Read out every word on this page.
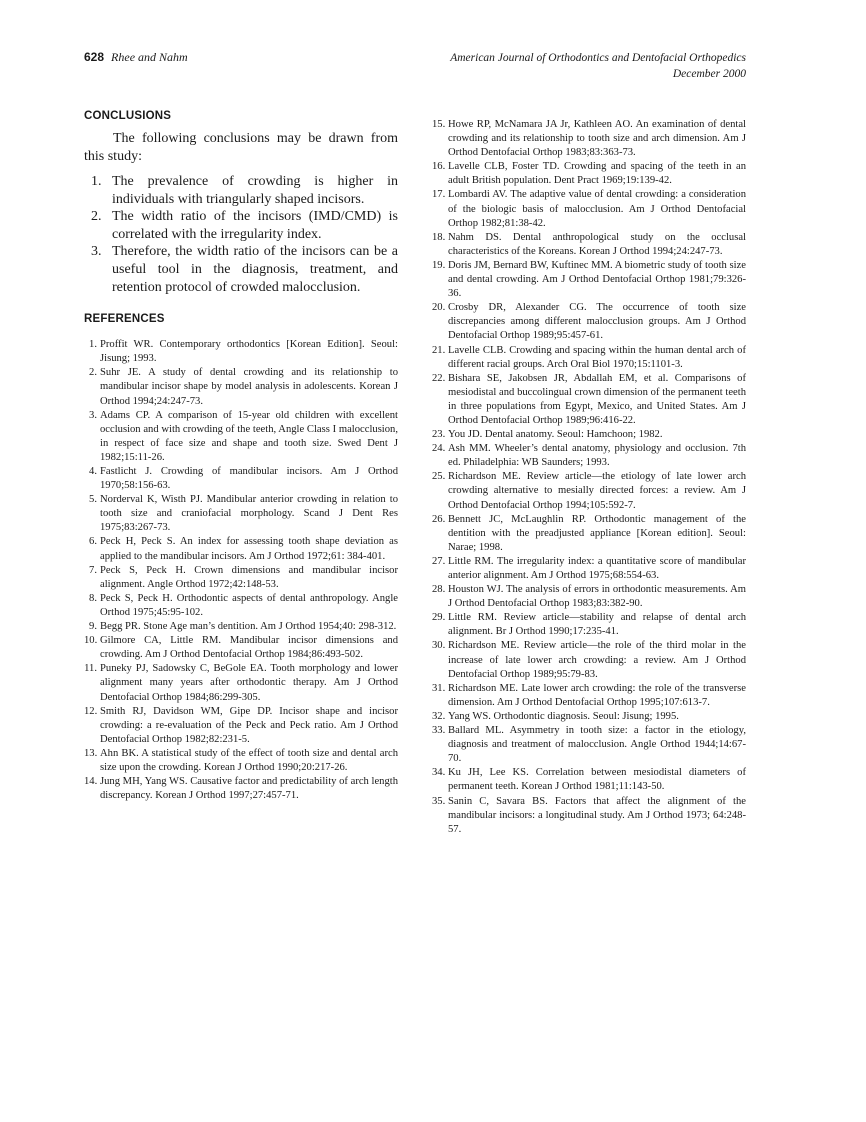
628 Rhee and Nahm	American Journal of Orthodontics and Dentofacial Orthopedics
December 2000
CONCLUSIONS

The following conclusions may be drawn from this study:

1. The prevalence of crowding is higher in individuals with triangularly shaped incisors.
2. The width ratio of the incisors (IMD/CMD) is correlated with the irregularity index.
3. Therefore, the width ratio of the incisors can be a useful tool in the diagnosis, treatment, and retention protocol of crowded malocclusion.
REFERENCES
1. Proffit WR. Contemporary orthodontics [Korean Edition]. Seoul: Jisung; 1993.
2. Suhr JE. A study of dental crowding and its relationship to mandibular incisor shape by model analysis in adolescents. Korean J Orthod 1994;24:247-73.
3. Adams CP. A comparison of 15-year old children with excellent occlusion and with crowding of the teeth, Angle Class I malocclusion, in respect of face size and shape and tooth size. Swed Dent J 1982;15:11-26.
4. Fastlicht J. Crowding of mandibular incisors. Am J Orthod 1970;58:156-63.
5. Norderval K, Wisth PJ. Mandibular anterior crowding in relation to tooth size and craniofacial morphology. Scand J Dent Res 1975;83:267-73.
6. Peck H, Peck S. An index for assessing tooth shape deviation as applied to the mandibular incisors. Am J Orthod 1972;61: 384-401.
7. Peck S, Peck H. Crown dimensions and mandibular incisor alignment. Angle Orthod 1972;42:148-53.
8. Peck S, Peck H. Orthodontic aspects of dental anthropology. Angle Orthod 1975;45:95-102.
9. Begg PR. Stone Age man’s dentition. Am J Orthod 1954;40: 298-312.
10. Gilmore CA, Little RM. Mandibular incisor dimensions and crowding. Am J Orthod Dentofacial Orthop 1984;86:493-502.
11. Puneky PJ, Sadowsky C, BeGole EA. Tooth morphology and lower alignment many years after orthodontic therapy. Am J Orthod Dentofacial Orthop 1984;86:299-305.
12. Smith RJ, Davidson WM, Gipe DP. Incisor shape and incisor crowding: a re-evaluation of the Peck and Peck ratio. Am J Orthod Dentofacial Orthop 1982;82:231-5.
13. Ahn BK. A statistical study of the effect of tooth size and dental arch size upon the crowding. Korean J Orthod 1990;20:217-26.
14. Jung MH, Yang WS. Causative factor and predictability of arch length discrepancy. Korean J Orthod 1997;27:457-71.
15. Howe RP, McNamara JA Jr, Kathleen AO. An examination of dental crowding and its relationship to tooth size and arch dimension. Am J Orthod Dentofacial Orthop 1983;83:363-73.
16. Lavelle CLB, Foster TD. Crowding and spacing of the teeth in an adult British population. Dent Pract 1969;19:139-42.
17. Lombardi AV. The adaptive value of dental crowding: a consideration of the biologic basis of malocclusion. Am J Orthod Dentofacial Orthop 1982;81:38-42.
18. Nahm DS. Dental anthropological study on the occlusal characteristics of the Koreans. Korean J Orthod 1994;24:247-73.
19. Doris JM, Bernard BW, Kuftinec MM. A biometric study of tooth size and dental crowding. Am J Orthod Dentofacial Orthop 1981;79:326-36.
20. Crosby DR, Alexander CG. The occurrence of tooth size discrepancies among different malocclusion groups. Am J Orthod Dentofacial Orthop 1989;95:457-61.
21. Lavelle CLB. Crowding and spacing within the human dental arch of different racial groups. Arch Oral Biol 1970;15:1101-3.
22. Bishara SE, Jakobsen JR, Abdallah EM, et al. Comparisons of mesiodistal and buccolingual crown dimension of the permanent teeth in three populations from Egypt, Mexico, and United States. Am J Orthod Dentofacial Orthop 1989;96:416-22.
23. You JD. Dental anatomy. Seoul: Hamchoon; 1982.
24. Ash MM. Wheeler’s dental anatomy, physiology and occlusion. 7th ed. Philadelphia: WB Saunders; 1993.
25. Richardson ME. Review article—the etiology of late lower arch crowding alternative to mesially directed forces: a review. Am J Orthod Dentofacial Orthop 1994;105:592-7.
26. Bennett JC, McLaughlin RP. Orthodontic management of the dentition with the preadjusted appliance [Korean edition]. Seoul: Narae; 1998.
27. Little RM. The irregularity index: a quantitative score of mandibular anterior alignment. Am J Orthod 1975;68:554-63.
28. Houston WJ. The analysis of errors in orthodontic measurements. Am J Orthod Dentofacial Orthop 1983;83:382-90.
29. Little RM. Review article—stability and relapse of dental arch alignment. Br J Orthod 1990;17:235-41.
30. Richardson ME. Review article—the role of the third molar in the increase of late lower arch crowding: a review. Am J Orthod Dentofacial Orthop 1989;95:79-83.
31. Richardson ME. Late lower arch crowding: the role of the transverse dimension. Am J Orthod Dentofacial Orthop 1995;107:613-7.
32. Yang WS. Orthodontic diagnosis. Seoul: Jisung; 1995.
33. Ballard ML. Asymmetry in tooth size: a factor in the etiology, diagnosis and treatment of malocclusion. Angle Orthod 1944;14:67-70.
34. Ku JH, Lee KS. Correlation between mesiodistal diameters of permanent teeth. Korean J Orthod 1981;11:143-50.
35. Sanin C, Savara BS. Factors that affect the alignment of the mandibular incisors: a longitudinal study. Am J Orthod 1973; 64:248-57.
